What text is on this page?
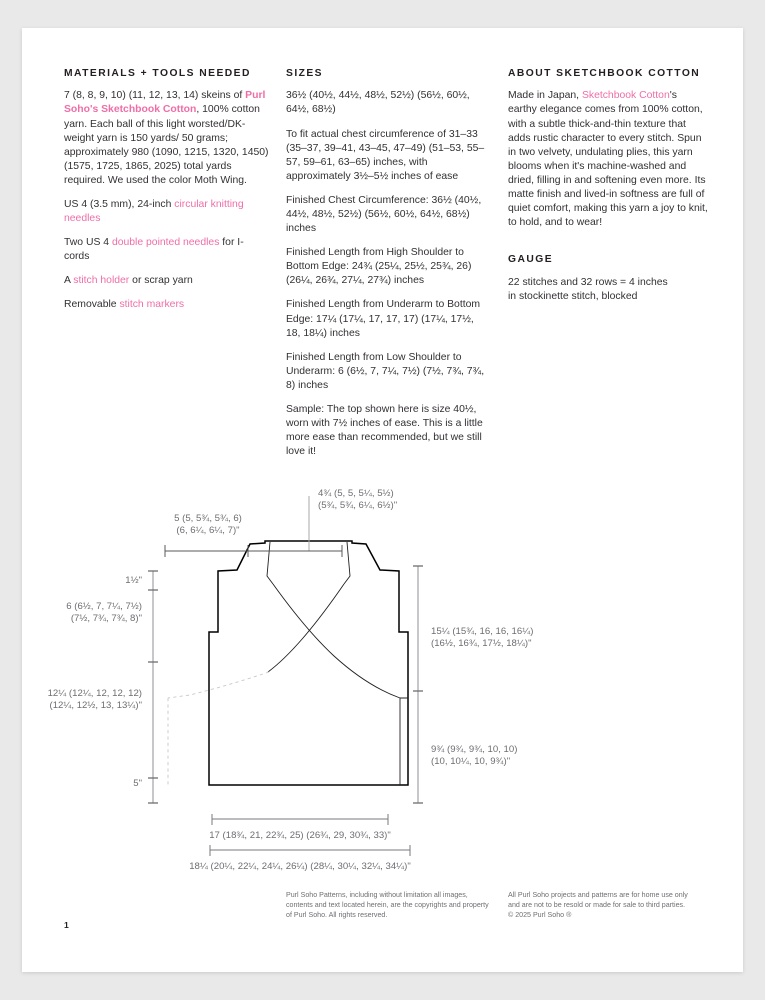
MATERIALS + TOOLS NEEDED

7 (8, 8, 9, 10) (11, 12, 13, 14) skeins of Purl Soho's Sketchbook Cotton, 100% cotton yarn. Each ball of this light worsted/DK-weight yarn is 150 yards/ 50 grams; approximately 980 (1090, 1215, 1320, 1450) (1575, 1725, 1865, 2025) total yards required. We used the color Moth Wing.

US 4 (3.5 mm), 24-inch circular knitting needles

Two US 4 double pointed needles for I-cords

A stitch holder or scrap yarn

Removable stitch markers

SIZES

36½ (40½, 44½, 48½, 52½) (56½, 60½, 64½, 68½)

To fit actual chest circumference of 31–33 (35–37, 39–41, 43–45, 47–49) (51–53, 55–57, 59–61, 63–65) inches, with approximately 3½–5½ inches of ease

Finished Chest Circumference: 36½ (40½, 44½, 48½, 52½) (56½, 60½, 64½, 68½) inches

Finished Length from High Shoulder to Bottom Edge: 24¾ (25¼, 25½, 25¾, 26) (26¼, 26¾, 27¼, 27¾) inches

Finished Length from Underarm to Bottom Edge: 17¼ (17¼, 17, 17, 17) (17¼, 17½, 18, 18¼) inches

Finished Length from Low Shoulder to Underarm: 6 (6½, 7, 7¼, 7½) (7½, 7¾, 7¾, 8) inches

Sample: The top shown here is size 40½, worn with 7½ inches of ease. This is a little more ease than recommended, but we still love it!

ABOUT SKETCHBOOK COTTON

Made in Japan, Sketchbook Cotton's earthy elegance comes from 100% cotton, with a subtle thick-and-thin texture that adds rustic character to every stitch. Spun in two velvety, undulating plies, this yarn blooms when it's machine-washed and dried, filling in and softening even more. Its matte finish and lived-in softness are full of quiet comfort, making this yarn a joy to knit, to hold, and to wear!

GAUGE

22 stitches and 32 rows = 4 inches
in stockinette stitch, blocked

4¾ (5, 5, 5¼, 5½)
(5¾, 5¾, 6¼, 6½)"
5 (5, 5¾, 5¾, 6)
(6, 6¼, 6¼, 7)"
1½"
6 (6½, 7, 7¼, 7½)
(7½, 7¾, 7¾, 8)"
12¼ (12¼, 12, 12, 12)
(12¼, 12½, 13, 13¼)"
5"
15¼ (15¾, 16, 16, 16¼)
(16½, 16¾, 17½, 18¼)"
9¾ (9¾, 9¾, 10, 10)
(10, 10¼, 10, 9¾)"
17 (18¾, 21, 22¾, 25) (26¾, 29, 30¾, 33)"
18¼ (20¼, 22¼, 24¼, 26¼) (28¼, 30¼, 32¼, 34¼)"
1
Purl Soho Patterns, including without limitation all images, contents and text located herein, are the copyrights and property of Purl Soho. All rights reserved.
All Purl Soho projects and patterns are for home use only
and are not to be resold or made for sale to third parties.
© 2025 Purl Soho ®
